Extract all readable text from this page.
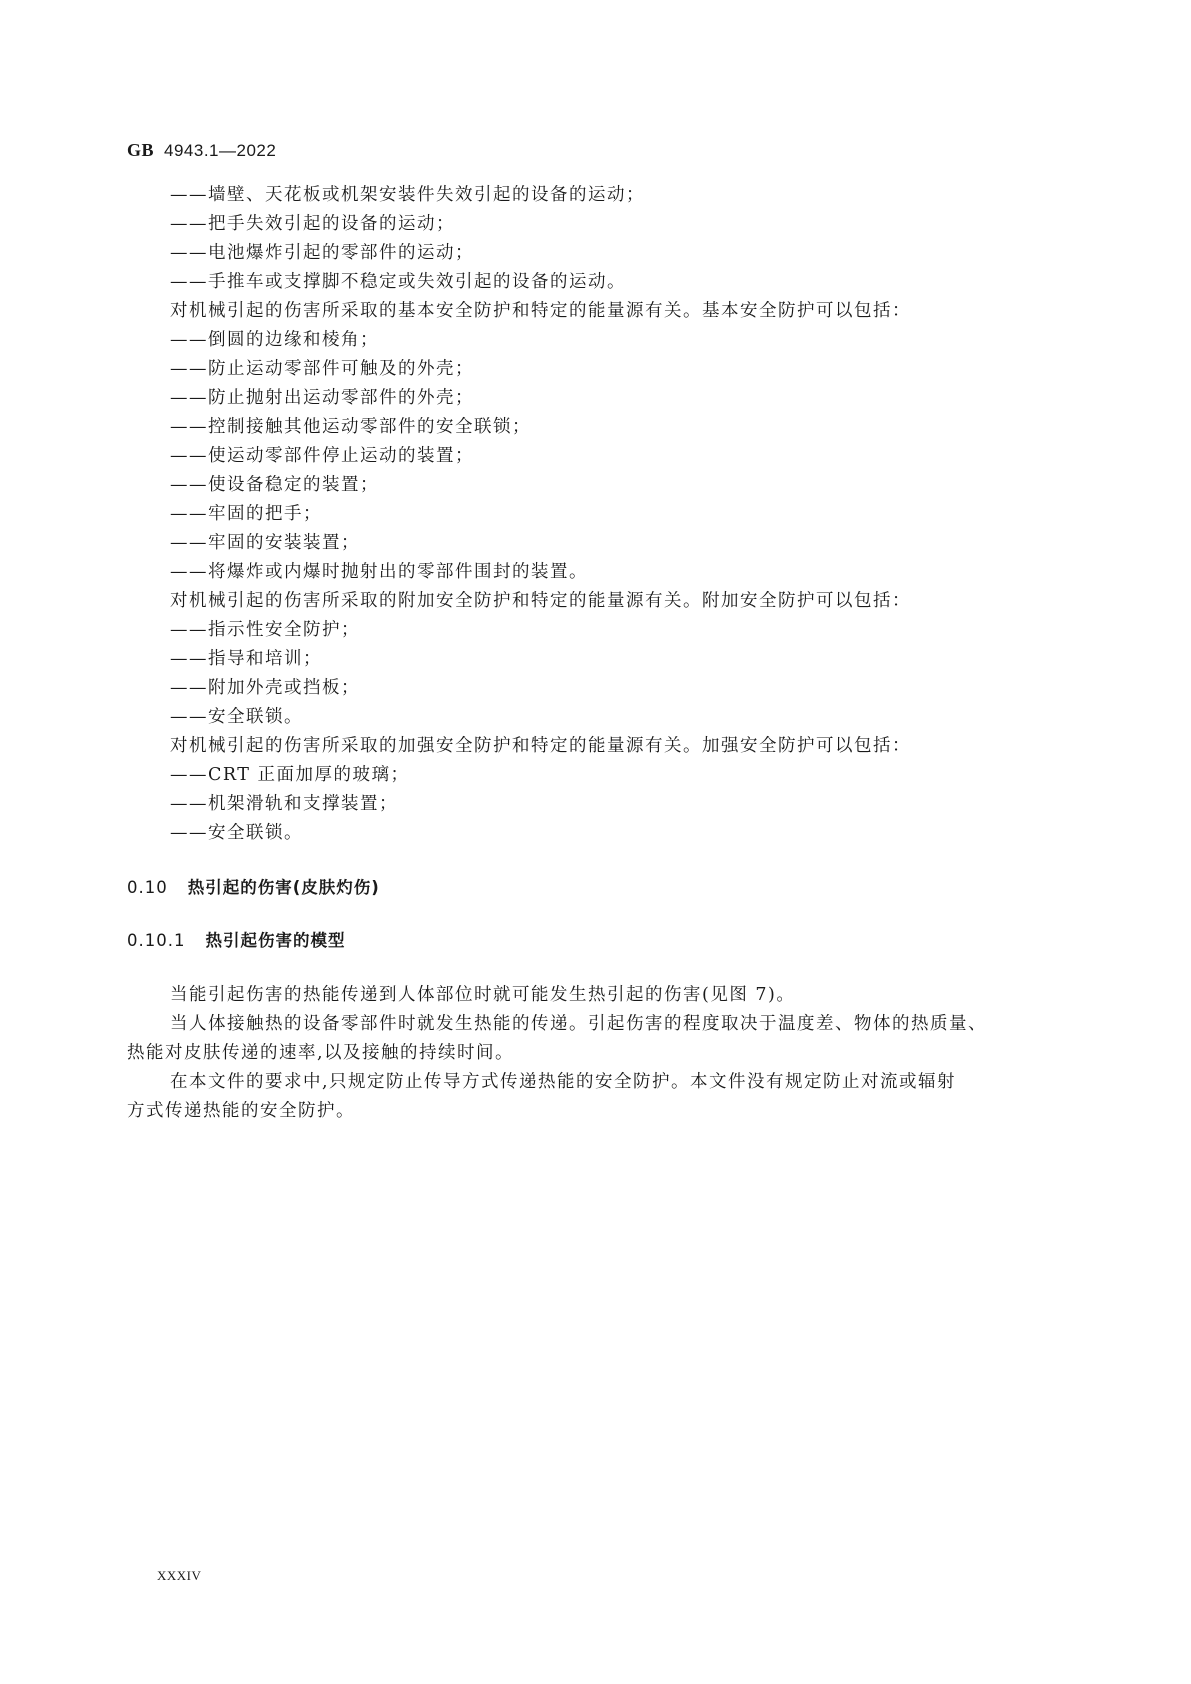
GB 4943.1—2022
——墙壁、天花板或机架安装件失效引起的设备的运动；
——把手失效引起的设备的运动；
——电池爆炸引起的零部件的运动；
——手推车或支撑脚不稳定或失效引起的设备的运动。
对机械引起的伤害所采取的基本安全防护和特定的能量源有关。基本安全防护可以包括：
——倒圆的边缘和棱角；
——防止运动零部件可触及的外壳；
——防止抛射出运动零部件的外壳；
——控制接触其他运动零部件的安全联锁；
——使运动零部件停止运动的装置；
——使设备稳定的装置；
——牢固的把手；
——牢固的安装装置；
——将爆炸或内爆时抛射出的零部件围封的装置。
对机械引起的伤害所采取的附加安全防护和特定的能量源有关。附加安全防护可以包括：
——指示性安全防护；
——指导和培训；
——附加外壳或挡板；
——安全联锁。
对机械引起的伤害所采取的加强安全防护和特定的能量源有关。加强安全防护可以包括：
——CRT 正面加厚的玻璃；
——机架滑轨和支撑装置；
——安全联锁。
0.10 热引起的伤害(皮肤灼伤)
0.10.1 热引起伤害的模型
当能引起伤害的热能传递到人体部位时就可能发生热引起的伤害(见图 7)。
当人体接触热的设备零部件时就发生热能的传递。引起伤害的程度取决于温度差、物体的热质量、
热能对皮肤传递的速率,以及接触的持续时间。
在本文件的要求中,只规定防止传导方式传递热能的安全防护。本文件没有规定防止对流或辐射
方式传递热能的安全防护。
XXXIV
